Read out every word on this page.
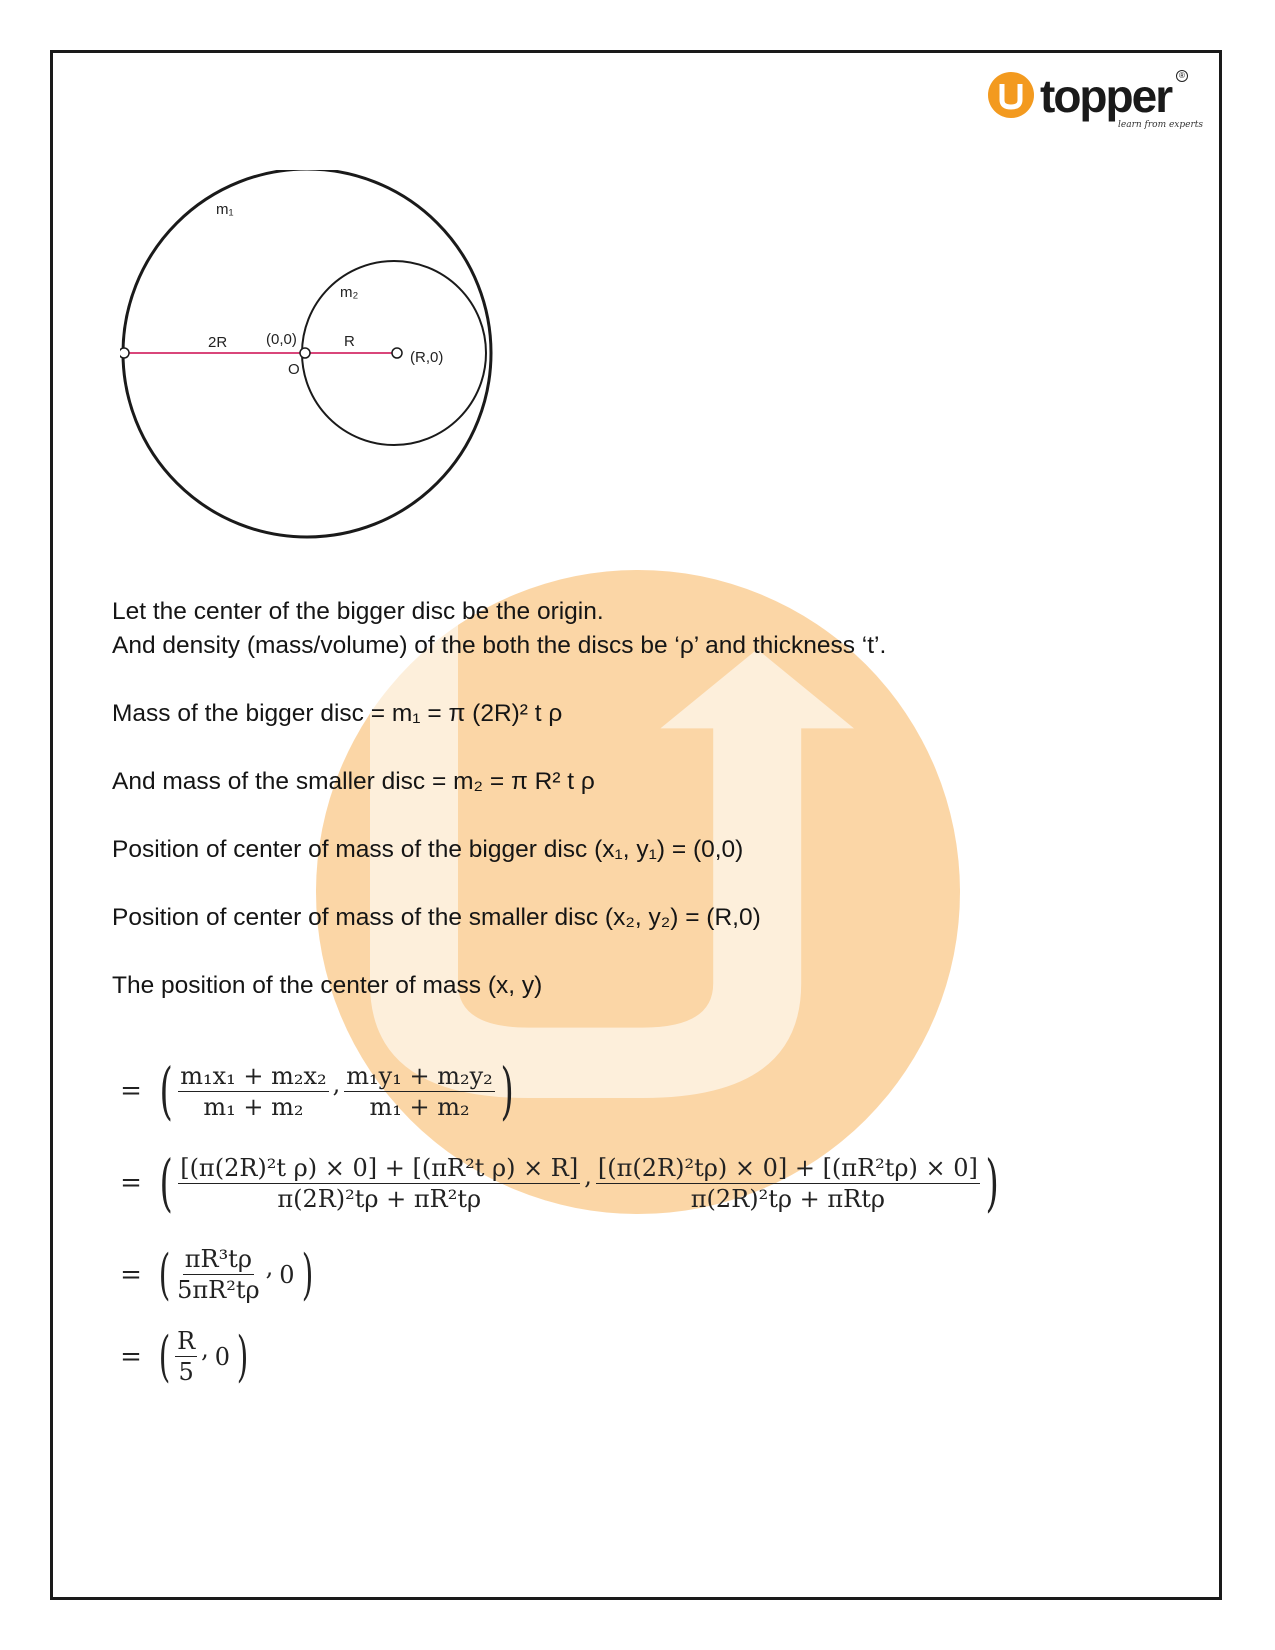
topper ®
learn from experts
m₁
m₂
2R	(0,0)
O
R
(R,0)
Let the center of the bigger disc be the origin.
And density (mass/volume) of the both the discs be ‘ρ’ and thickness ‘t’.
Mass of the bigger disc = m₁ = π (2R)² t ρ
And mass of the smaller disc = m₂ = π R² t ρ
Position of center of mass of the bigger disc (x₁, y₁) = (0,0)
Position of center of mass of the smaller disc (x₂, y₂) = (R,0)
The position of the center of mass (x, y)
= ( $\frac{\text{m₁x₁ + m₂x₂}}{\text{m₁ + m₂}}$ , $\frac{\text{m₁y₁ + m₂y₂}}{\text{m₁ + m₂}}$ )
= ( $\frac{\text{[(π(2R)²t ρ) × 0] + [(πR²t ρ) × R]}}{\text{π(2R)²tρ + πR²tρ}}$ , $\frac{\text{[(π(2R)²tρ) × 0] + [(πR²tρ) × 0]}}{\text{π(2R)²tρ + πRtρ}}$ )
= ( $\frac{\text{πR³tρ}}{\text{5πR²tρ}}$ , 0 )
= ( $\frac{R}{5}$ , 0 )
